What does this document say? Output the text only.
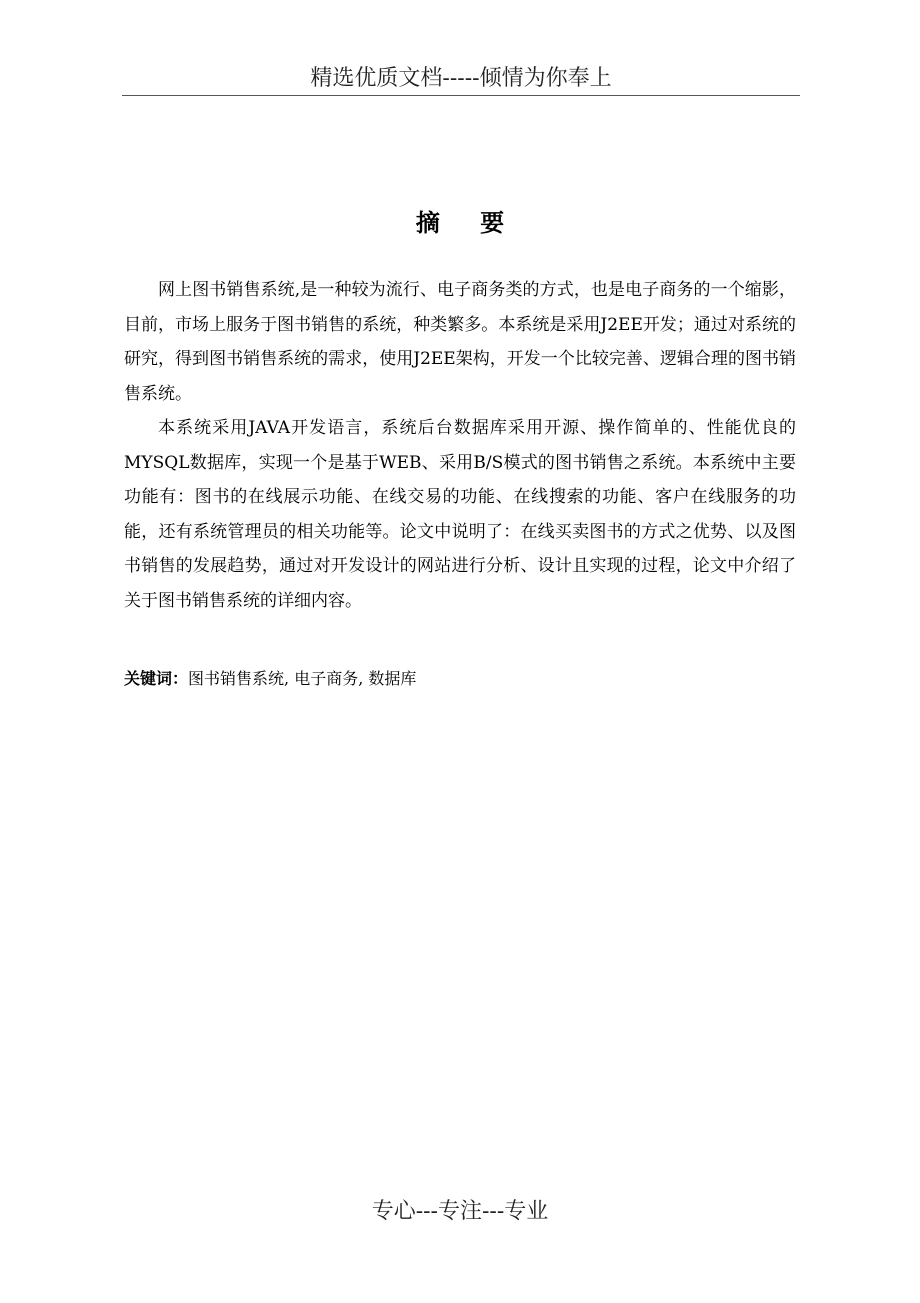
精选优质文档-----倾情为你奉上
摘 要

网上图书销售系统,是一种较为流行、电子商务类的方式，也是电子商务的一个缩影，目前，市场上服务于图书销售的系统，种类繁多。本系统是采用J2EE开发；通过对系统的研究，得到图书销售系统的需求，使用J2EE架构，开发一个比较完善、逻辑合理的图书销售系统。

本系统采用JAVA开发语言，系统后台数据库采用开源、操作简单的、性能优良的MYSQL数据库，实现一个是基于WEB、采用B/S模式的图书销售之系统。本系统中主要功能有：图书的在线展示功能、在线交易的功能、在线搜索的功能、客户在线服务的功能，还有系统管理员的相关功能等。论文中说明了：在线买卖图书的方式之优势、以及图书销售的发展趋势，通过对开发设计的网站进行分析、设计且实现的过程，论文中介绍了关于图书销售系统的详细内容。

关键词：图书销售系统, 电子商务, 数据库
专心---专注---专业
